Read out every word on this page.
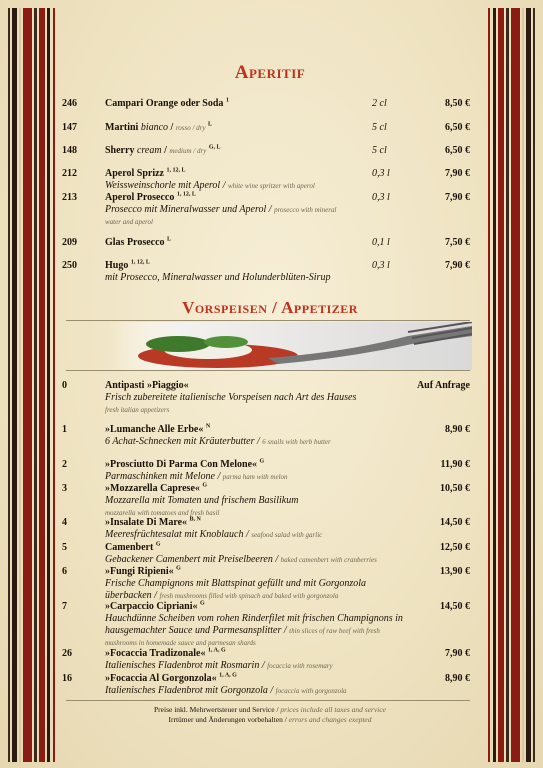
Aperitif
246	Campari Orange oder Soda $^1$	2 cl	8,50 €
147	Martini bianco / rosso / dry $^L$	5 cl	6,50 €
148	Sherry cream / medium / dry $^{G, L}$	5 cl	6,50 €
212	Aperol Sprizz $^{1, 12, L}$
Weissweinschorle mit Aperol / white wine spritzer with aperol
0,3 l	7,90 €
213	Aperol Prosecco $^{1, 12, L}$
Prosecco mit Mineralwasser und Aperol / prosecco with mineral
water and aperol
0,3 l	7,90 €
209	Glas Prosecco $^L$	0,1 l	7,50 €
250	Hugo $^{1, 12, L}$
mit Prosecco, Mineralwasser und Holunderblüten-Sirup
0,3 l	7,90 €
Vorspeisen / Appetizer
0	Antipasti »Piaggio«
Frisch zubereitete italienische Vorspeisen nach Art des Hauses
fresh italian appetizers
Auf Anfrage
1	»Lumanche Alle Erbe« $^N$
6 Achat-Schnecken mit Kräuterbutter / 6 snails with herb butter
8,90 €
2	»Prosciutto Di Parma Con Melone« $^G$
Parmaschinken mit Melone / parma ham with melon
11,90 €
3	»Mozzarella Caprese« $^G$
Mozzarella mit Tomaten und frischem Basilikum
mozzarella with tomatoes and fresh basil
10,50 €
4	»Insalate Di Mare« $^{B, N}$
Meeresfrüchtesalat mit Knoblauch / seafood salad with garlic
14,50 €
5	Camenbert $^G$
Gebackener Camenbert mit Preiselbeeren / baked camenbert with cranberries
12,50 €
6	»Fungi Ripieni« $^G$
Frische Champignons mit Blattspinat gefüllt und mit Gorgonzola
überbacken / fresh mushrooms filled with spinach and baked with gorgonzola
13,90 €
7	»Carpaccio Cipriani« $^G$
Hauchdünne Scheiben vom rohen Rinderfilet mit frischen Champignons in
hausgemachter Sauce und Parmesansplitter / thin slices of raw beef with fresh
mushrooms in homemade sauce and parmesan shards
14,50 €
26	»Focaccia Tradizonale« $^{1, A, G}$
Italienisches Fladenbrot mit Rosmarin / focaccia with rosemary
7,90 €
16	»Focaccia Al Gorgonzola« $^{1, A, G}$
Italienisches Fladenbrot mit Gorgonzola / focaccia with gorgonzola
8,90 €
Preise inkl. Mehrwertsteuer und Service / prices include all taxes and service
Irrtümer und Änderungen vorbehalten / errors and changes exepted
